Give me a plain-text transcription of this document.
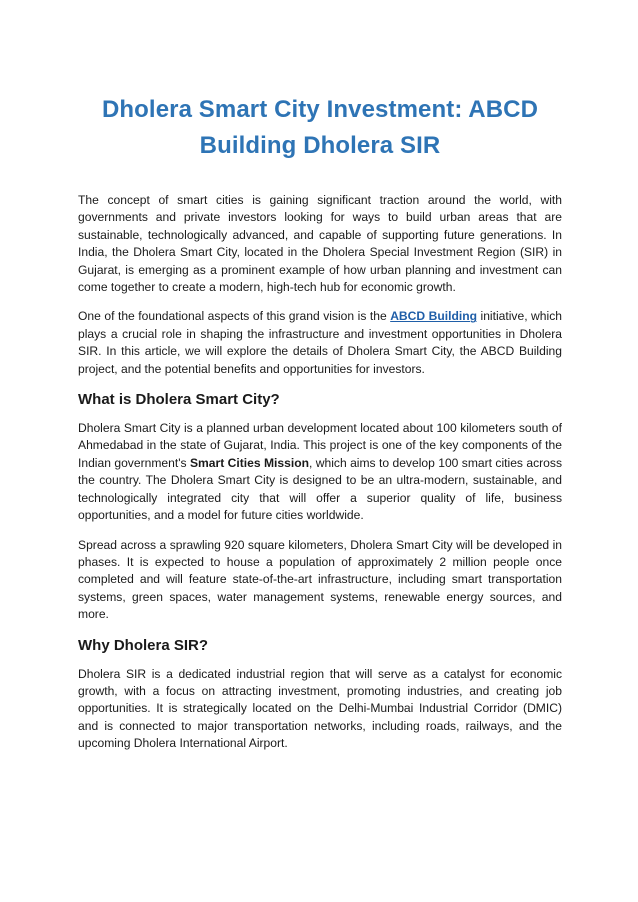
Dholera Smart City Investment: ABCD Building Dholera SIR

The concept of smart cities is gaining significant traction around the world, with governments and private investors looking for ways to build urban areas that are sustainable, technologically advanced, and capable of supporting future generations. In India, the Dholera Smart City, located in the Dholera Special Investment Region (SIR) in Gujarat, is emerging as a prominent example of how urban planning and investment can come together to create a modern, high-tech hub for economic growth.

One of the foundational aspects of this grand vision is the ABCD Building initiative, which plays a crucial role in shaping the infrastructure and investment opportunities in Dholera SIR. In this article, we will explore the details of Dholera Smart City, the ABCD Building project, and the potential benefits and opportunities for investors.

What is Dholera Smart City?

Dholera Smart City is a planned urban development located about 100 kilometers south of Ahmedabad in the state of Gujarat, India. This project is one of the key components of the Indian government's Smart Cities Mission, which aims to develop 100 smart cities across the country. The Dholera Smart City is designed to be an ultra-modern, sustainable, and technologically integrated city that will offer a superior quality of life, business opportunities, and a model for future cities worldwide.

Spread across a sprawling 920 square kilometers, Dholera Smart City will be developed in phases. It is expected to house a population of approximately 2 million people once completed and will feature state-of-the-art infrastructure, including smart transportation systems, green spaces, water management systems, renewable energy sources, and more.

Why Dholera SIR?

Dholera SIR is a dedicated industrial region that will serve as a catalyst for economic growth, with a focus on attracting investment, promoting industries, and creating job opportunities. It is strategically located on the Delhi-Mumbai Industrial Corridor (DMIC) and is connected to major transportation networks, including roads, railways, and the upcoming Dholera International Airport.
